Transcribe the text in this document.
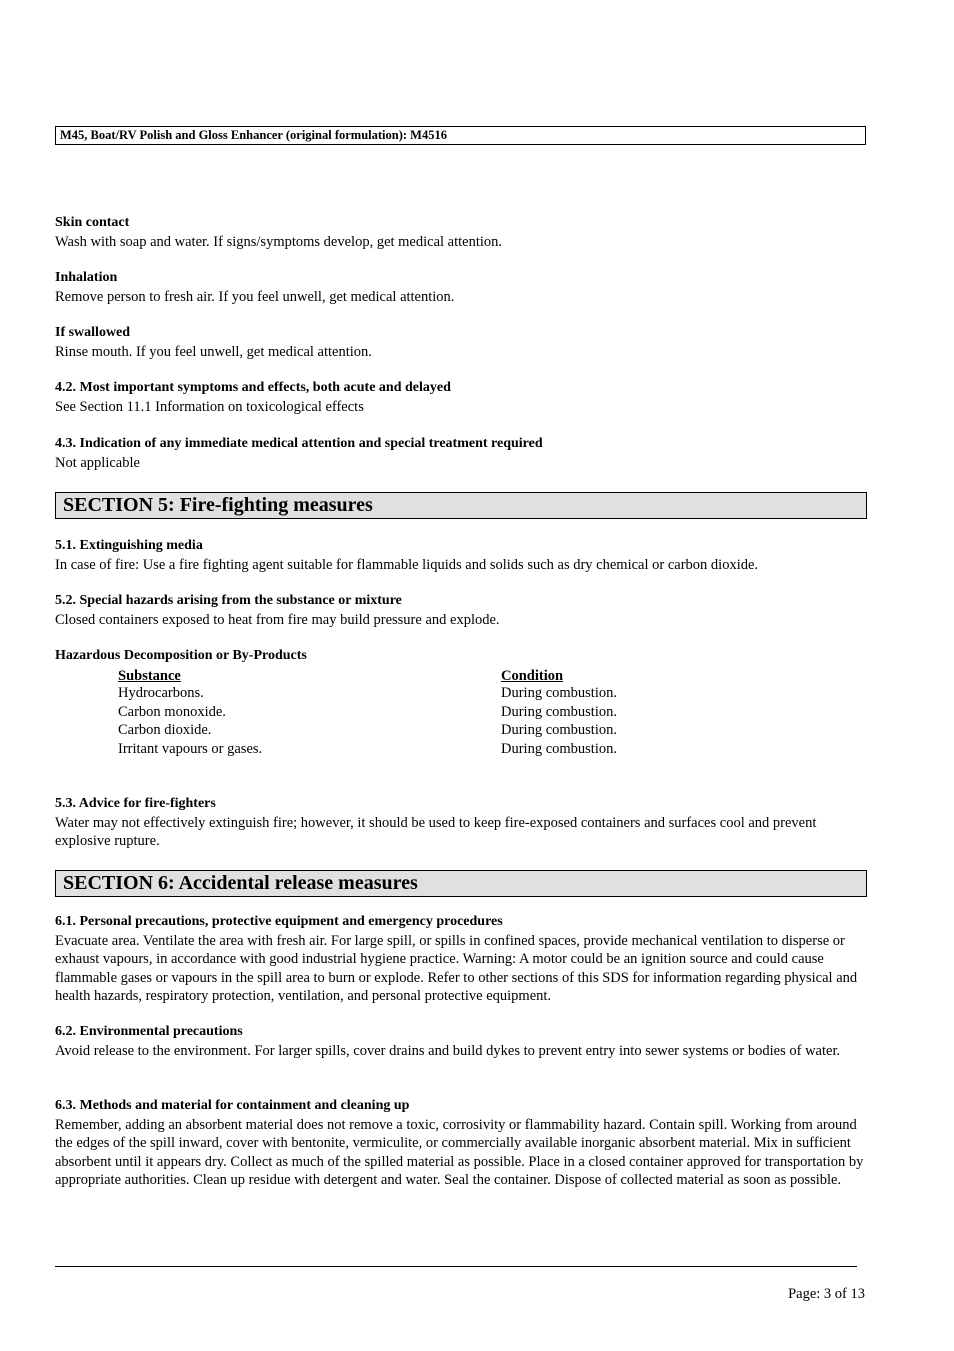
M45, Boat/RV Polish and Gloss Enhancer (original formulation): M4516
Skin contact
Wash with soap and water. If signs/symptoms develop, get medical attention.
Inhalation
Remove person to fresh air. If you feel unwell, get medical attention.
If swallowed
Rinse mouth. If you feel unwell, get medical attention.
4.2. Most important symptoms and effects, both acute and delayed
See Section 11.1 Information on toxicological effects
4.3. Indication of any immediate medical attention and special treatment required
Not applicable
SECTION 5: Fire-fighting measures
5.1. Extinguishing media
In case of fire: Use a fire fighting agent suitable for flammable liquids and solids such as dry chemical or carbon dioxide.
5.2. Special hazards arising from the substance or mixture
Closed containers exposed to heat from fire may build pressure and explode.
Hazardous Decomposition or By-Products
Substance	Condition
Hydrocarbons.	During combustion.
Carbon monoxide.	During combustion.
Carbon dioxide.	During combustion.
Irritant vapours or gases.	During combustion.
5.3. Advice for fire-fighters
Water may not effectively extinguish fire; however, it should be used to keep fire-exposed containers and surfaces cool and prevent explosive rupture.
SECTION 6: Accidental release measures
6.1. Personal precautions, protective equipment and emergency procedures
Evacuate area. Ventilate the area with fresh air. For large spill, or spills in confined spaces, provide mechanical ventilation to disperse or exhaust vapours, in accordance with good industrial hygiene practice. Warning: A motor could be an ignition source and could cause flammable gases or vapours in the spill area to burn or explode. Refer to other sections of this SDS for information regarding physical and health hazards, respiratory protection, ventilation, and personal protective equipment.
6.2. Environmental precautions
Avoid release to the environment. For larger spills, cover drains and build dykes to prevent entry into sewer systems or bodies of water.
6.3. Methods and material for containment and cleaning up
Remember, adding an absorbent material does not remove a toxic, corrosivity or flammability hazard. Contain spill. Working from around the edges of the spill inward, cover with bentonite, vermiculite, or commercially available inorganic absorbent material. Mix in sufficient absorbent until it appears dry. Collect as much of the spilled material as possible. Place in a closed container approved for transportation by appropriate authorities. Clean up residue with detergent and water. Seal the container. Dispose of collected material as soon as possible.
Page: 3 of 13
